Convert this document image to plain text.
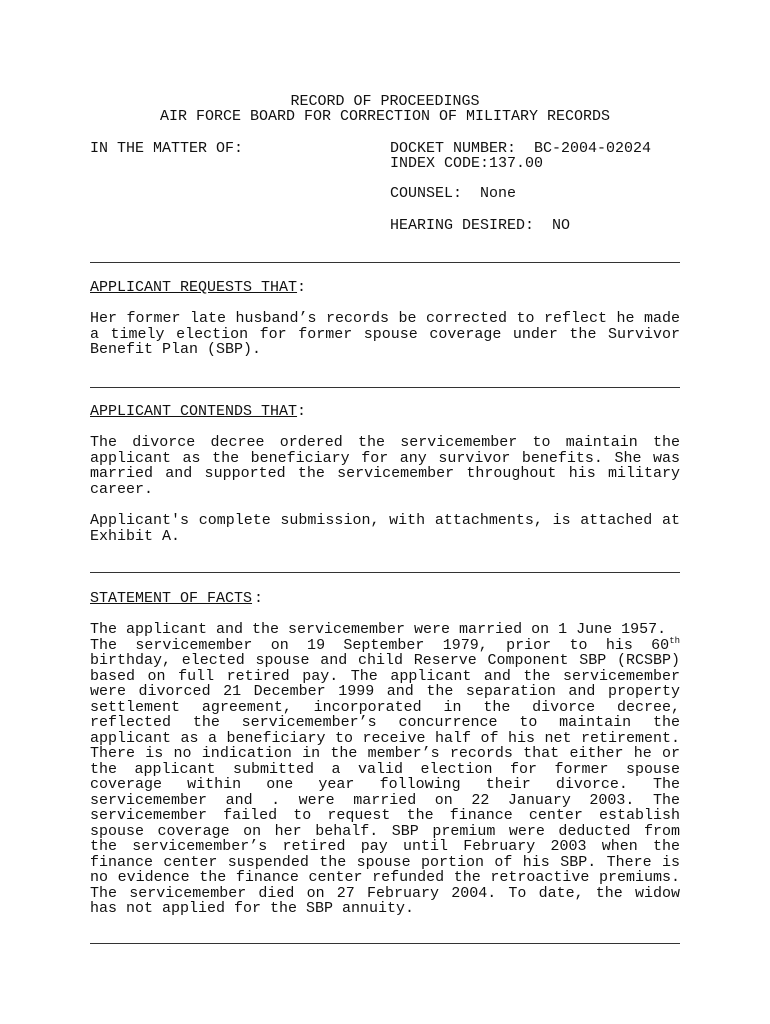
RECORD OF PROCEEDINGS
AIR FORCE BOARD FOR CORRECTION OF MILITARY RECORDS
IN THE MATTER OF:	DOCKET NUMBER:  BC-2004-02024
INDEX CODE:137.00
COUNSEL:  None
HEARING DESIRED:  NO
APPLICANT REQUESTS THAT :
Her former late husband’s records be corrected to reflect he made
a timely election for former spouse coverage under the Survivor
Benefit Plan (SBP).
APPLICANT CONTENDS THAT :
The divorce decree ordered the servicemember to maintain the
applicant as the beneficiary for any survivor benefits. She was
married and supported the servicemember throughout his military
career.
Applicant's complete submission, with attachments, is attached at
Exhibit A.
STATEMENT OF FACTS :
The applicant and the servicemember were married on 1 June 1957.
The servicemember on 19 September 1979, prior to his 60th
birthday, elected spouse and child Reserve Component SBP (RCSBP)
based on full retired pay. The applicant and the servicemember
were divorced 21 December 1999 and the separation and property
settlement agreement, incorporated in the divorce decree,
reflected the servicemember’s concurrence to maintain the
applicant as a beneficiary to receive half of his net retirement.
There is no indication in the member’s records that either he or
the applicant submitted a valid election for former spouse
coverage within one year following their divorce. The
servicemember and . were married on 22 January 2003. The
servicemember failed to request the finance center establish
spouse coverage on her behalf. SBP premium were deducted from
the servicemember’s retired pay until February 2003 when the
finance center suspended the spouse portion of his SBP. There is
no evidence the finance center refunded the retroactive premiums.
The servicemember died on 27 February 2004. To date, the widow
has not applied for the SBP annuity.
